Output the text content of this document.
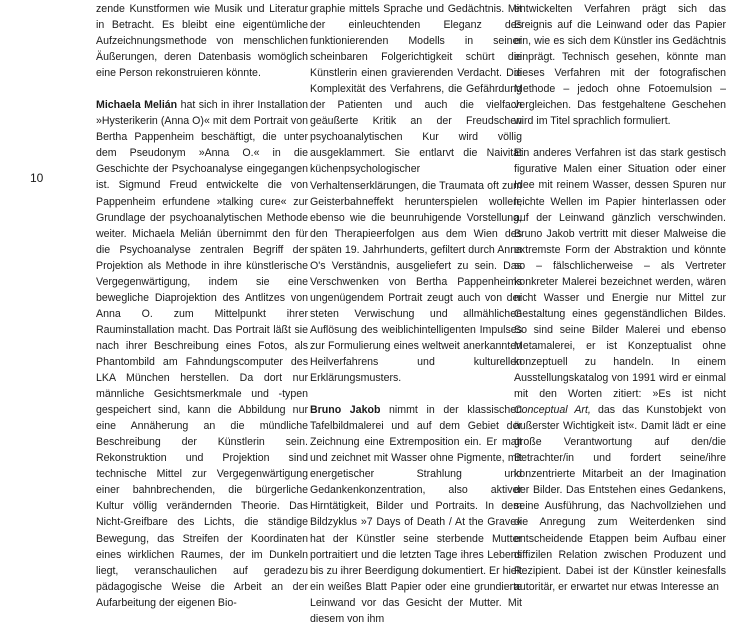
10

zende Kunstformen wie Musik und Literatur in Betracht. Es bleibt eine eigentümliche Aufzeichnungsmethode von menschlichen Äußerungen, deren Datenbasis womöglich eine Person rekonstruieren könnte.

Michaela Melián hat sich in ihrer Installation »Hysterikerin (Anna O)« mit dem Portrait von Bertha Pappenheim beschäftigt, die unter dem Pseudonym »Anna O.« in die Geschichte der Psychoanalyse eingegangen ist. Sigmund Freud entwickelte die von Pappenheim erfundene »talking cure« zur Grundlage der psychoanalytischen Methode weiter. Michaela Melián übernimmt den für die Psychoanalyse zentralen Begriff der Projektion als Methode in ihre künstlerische Vergegenwärtigung, indem sie eine bewegliche Diaprojektion des Antlitzes von Anna O. zum Mittelpunkt ihrer Rauminstallation macht. Das Portrait läßt sie nach ihrer Beschreibung eines Fotos, als Phantombild am Fahndungscomputer des LKA München herstellen. Da dort nur männliche Gesichtsmerkmale und -typen gespeichert sind, kann die Abbildung nur eine Annäherung an die mündliche Beschreibung der Künstlerin sein. Rekonstruktion und Projektion sind technische Mittel zur Vergegenwärtigung einer bahnbrechenden, die bürgerliche Kultur völlig verändernden Theorie. Das Nicht-Greifbare des Lichts, die ständige Bewegung, das Streifen der Koordinaten eines wirklichen Raumes, der im Dunkeln liegt, veranschaulichen auf geradezu pädagogische Weise die Arbeit an der Aufarbeitung der eigenen Bio-

graphie mittels Sprache und Gedächtnis. Mit der einleuchtenden Eleganz des funktionierenden Modells in seiner scheinbaren Folgerichtigkeit schürt die Künstlerin einen gravierenden Verdacht. Die Komplexität des Verfahrens, die Gefährdung der Patienten und auch die vielfach geäußerte Kritik an der Freudschen psychoanalytischen Kur wird völlig ausgeklammert. Sie entlarvt die Naivität küchenpsychologischer Verhaltenserklärungen, die Traumata oft zum Geisterbahneffekt herunterspielen wollen, ebenso wie die beunruhigende Vorstellung, den Therapieerfolgen aus dem Wien des späten 19. Jahrhunderts, gefiltert durch Anna O's Verständnis, ausgeliefert zu sein. Das Verschwenken von Bertha Pappenheims ungenügendem Portrait zeugt auch von der steten Verwischung und allmählichen Auflösung des weiblichintelligenten Impulses zur Formulierung eines weltweit anerkannten Heilverfahrens und kulturellen Erklärungsmusters.

Bruno Jakob nimmt in der klassischen Tafelbildmalerei und auf dem Gebiet der Zeichnung eine Extremposition ein. Er malt und zeichnet mit Wasser ohne Pigmente, mit energetischer Strahlung und Gedankenkonzentration, also aktiver Hirntätigkeit, Bilder und Portraits. In dem Bildzyklus »7 Days of Death / At the Grave« hat der Künstler seine sterbende Mutter portraitiert und die letzten Tage ihres Lebens bis zu ihrer Beerdigung dokumentiert. Er hielt ein weißes Blatt Papier oder eine grundierte Leinwand vor das Gesicht der Mutter. Mit diesem von ihm

entwickelten Verfahren prägt sich das Ereignis auf die Leinwand oder das Papier ein, wie es sich dem Künstler ins Gedächtnis einprägt. Technisch gesehen, könnte man dieses Verfahren mit der fotografischen Methode – jedoch ohne Fotoemulsion – vergleichen. Das festgehaltene Geschehen wird im Titel sprachlich formuliert.

Ein anderes Verfahren ist das stark gestisch figurative Malen einer Situation oder einer Idee mit reinem Wasser, dessen Spuren nur leichte Wellen im Papier hinterlassen oder auf der Leinwand gänzlich verschwinden. Bruno Jakob vertritt mit dieser Malweise die extremste Form der Abstraktion und könnte so – fälschlicherweise – als Vertreter konkreter Malerei bezeichnet werden, wären nicht Wasser und Energie nur Mittel zur Gestaltung eines gegenständlichen Bildes. So sind seine Bilder Malerei und ebenso Metamalerei, er ist Konzeptualist ohne konzeptuell zu handeln. In einem Ausstellungskatalog von 1991 wird er einmal mit den Worten zitiert: »Es ist nicht Conceptual Art, das das Kunstobjekt von äußerster Wichtigkeit ist«. Damit lädt er eine große Verantwortung auf den/die Betrachter/in und fordert seine/ihre konzentrierte Mitarbeit an der Imagination der Bilder. Das Entstehen eines Gedankens, seine Ausführung, das Nachvollziehen und die Anregung zum Weiterdenken sind entscheidende Etappen beim Aufbau einer diffizilen Relation zwischen Produzent und Rezipient. Dabei ist der Künstler keinesfalls autoritär, er erwartet nur etwas Interesse an
